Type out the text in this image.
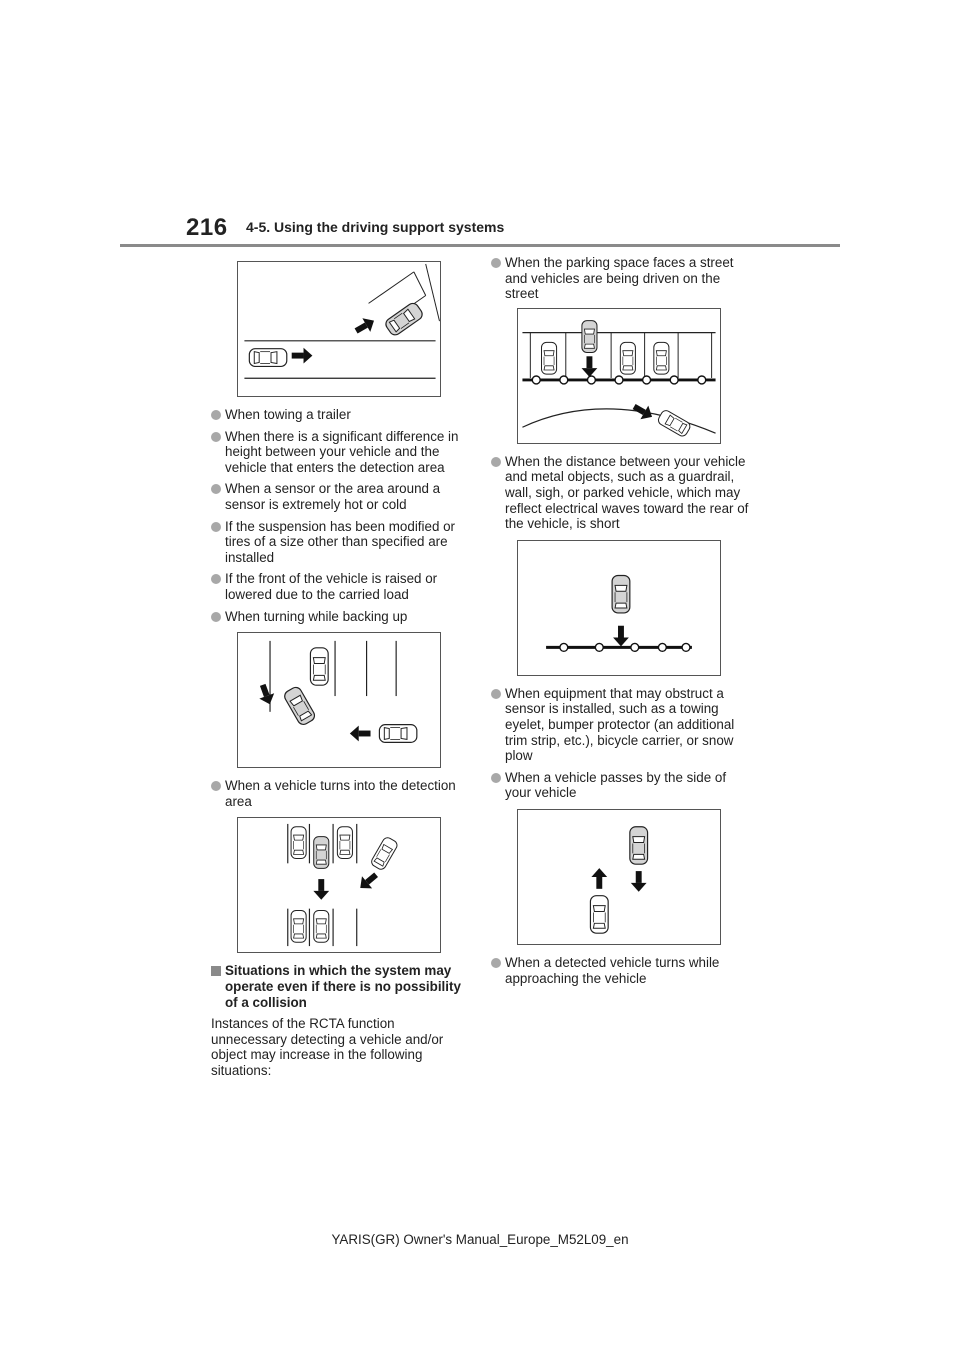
216 4-5. Using the driving support systems
When towing a trailer
When there is a significant difference in height between your vehicle and the vehicle that enters the detection area
When a sensor or the area around a sensor is extremely hot or cold
If the suspension has been modified or tires of a size other than specified are installed
If the front of the vehicle is raised or lowered due to the carried load
When turning while backing up
When a vehicle turns into the detection area
Situations in which the system may operate even if there is no possibility of a collision

Instances of the RCTA function unnecessary detecting a vehicle and/or object may increase in the following situations:

When the parking space faces a street and vehicles are being driven on the street
When the distance between your vehicle and metal objects, such as a guardrail, wall, sigh, or parked vehicle, which may reflect electrical waves toward the rear of the vehicle, is short
When equipment that may obstruct a sensor is installed, such as a towing eyelet, bumper protector (an additional trim strip, etc.), bicycle carrier, or snow plow
When a vehicle passes by the side of your vehicle
When a detected vehicle turns while approaching the vehicle
YARIS(GR) Owner's Manual_Europe_M52L09_en
